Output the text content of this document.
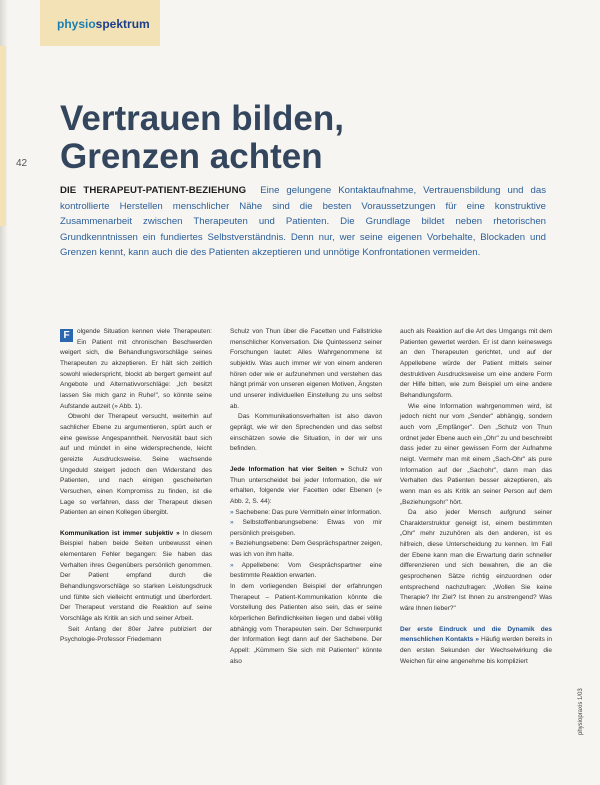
physiospektrum
42
Vertrauen bilden,
Grenzen achten
DIE THERAPEUT-PATIENT-BEZIEHUNG Eine gelungene Kontaktaufnahme, Vertrauensbildung und das kontrollierte Herstellen menschlicher Nähe sind die besten Voraussetzungen für eine konstruktive Zusammenarbeit zwischen Therapeuten und Patienten. Die Grundlage bildet neben rhetorischen Grundkenntnissen ein fundiertes Selbstverständnis. Denn nur, wer seine eigenen Vorbehalte, Blockaden und Grenzen kennt, kann auch die des Patienten akzeptieren und unnötige Konfrontationen vermeiden.

F	olgende Situation kennen viele Therapeuten: Ein Patient mit chronischen Beschwerden weigert sich, die Behandlungsvorschläge seines Therapeuten zu akzeptieren. Er hält sich zeitlich sowohl wiederspricht, blockt ab bergert gemeint auf Angebote und Alternativvorschläge: „Ich besitzt lassen Sie mich ganz in Ruhe!", so könnte seine Aufstande autzeit (» Abb. 1).

Obwohl der Therapeut versucht, weiterhin auf sachlicher Ebene zu argumentieren, spürt auch er eine gewisse Angespanntheit. Nervosität baut sich auf und mündet in eine widersprechende, leicht gereizte Ausdrucksweise. Seine wachsende Ungeduld steigert jedoch den Widerstand des Patienten, und nach einigen gescheiterten Versuchen, einen Kompromiss zu finden, ist die Lage so verfahren, dass der Therapeut diesen Patienten an einen Kollegen übergibt.

Kommunikation ist immer subjektiv » In diesem Beispiel haben beide Seiten unbewusst einen elementaren Fehler begangen: Sie haben das Verhalten ihres Gegenübers persönlich genommen. Der Patient empfand durch die Behandlungsvorschläge so starken Leistungsdruck und fühlte sich vielleicht entmutigt und überfordert. Der Therapeut verstand die Reaktion auf seine Vorschläge als Kritik an sich und seiner Arbeit.

Seit Anfang der 80er Jahre publiziert der Psychologie-Professor Friedemann

Schulz von Thun über die Facetten und Fallstricke menschlicher Konversation. Die Quintessenz seiner Forschungen lautet: Alles Wahrgenommene ist subjektiv. Was auch immer wir von einem anderen hören oder wie er aufzunehmen und verstehen das hängt primär von unseren eigenen Motiven, Ängsten und unserer individuellen Einstellung zu uns selbst ab.

Das Kommunikationsverhalten ist also davon geprägt, wie wir den Sprechenden und das selbst einschätzen sowie die Situation, in der wir uns befinden.

Jede Information hat vier Seiten » Schulz von Thun unterscheidet bei jeder Information, die wir erhalten, folgende vier Facetten oder Ebenen (» Abb. 2, S. 44):

» Sachebene: Das pure Vermitteln einer Information.
» Selbstoffenbarungsebene: Etwas von mir persönlich preisgeben.
» Beziehungsebene: Dem Gesprächspartner zeigen, was ich von ihm halte.
» Appellebene: Vom Gesprächspartner eine bestimmte Reaktion erwarten.

In dem vorliegenden Beispiel der erfahrungen Therapeut – Patient-Kommunikation könnte die Vorstellung des Patienten also sein, das er seine körperlichen Befindlichkeiten liegen und dabei völlig abhängig vom Therapeuten sein. Der Schwerpunkt der Information liegt dann auf der Sachebene. Der Appell: „Kümmern Sie sich mit Patienten" könnte also

auch als Reaktion auf die Art des Umgangs mit dem Patienten gewertet werden. Er ist dann keineswegs an den Therapeuten gerichtet, und auf der Appellebene würde der Patient mittels seiner destruktiven Ausdrucksweise um eine andere Form der Hilfe bitten, wie zum Beispiel um eine andere Behandlungsform.

Wie eine Information wahrgenommen wird, ist jedoch nicht nur vom „Sender" abhängig, sondern auch vom „Empfänger". Den „Schulz von Thun ordnet jeder Ebene auch ein „Ohr" zu und beschreibt dass jeder zu einer gewissen Form der Aufnahme neigt. Vermehr man mit einem „Sach-Ohr" als pure Information auf der „Sachohr", dann man das Verhalten des Patienten besser akzeptieren, als wenn man es als Kritik an seiner Person auf dem „Beziehungsohr" hört.

Da also jeder Mensch aufgrund seiner Charakterstruktur geneigt ist, einem bestimmten „Ohr" mehr zuzuhören als den anderen, ist es hilfreich, diese Unterscheidung zu kennen. Im Fall der Ebene kann man die Erwartung darin schneller differenzieren und sich bewahren, die an die gesprochenen Sätze richtig einzuordnen oder entsprechend nachzufragen: „Wollen Sie keine Therapie? Ihr Ziel? Ist Ihnen zu anstrengend? Was wäre Ihnen lieber?"

Der erste Eindruck und die Dynamik des menschlichen Kontakts » Häufig werden bereits in den ersten Sekunden der Wechselwirkung die Weichen für eine angenehme bis kompliziert

physiopraxis 1/03
